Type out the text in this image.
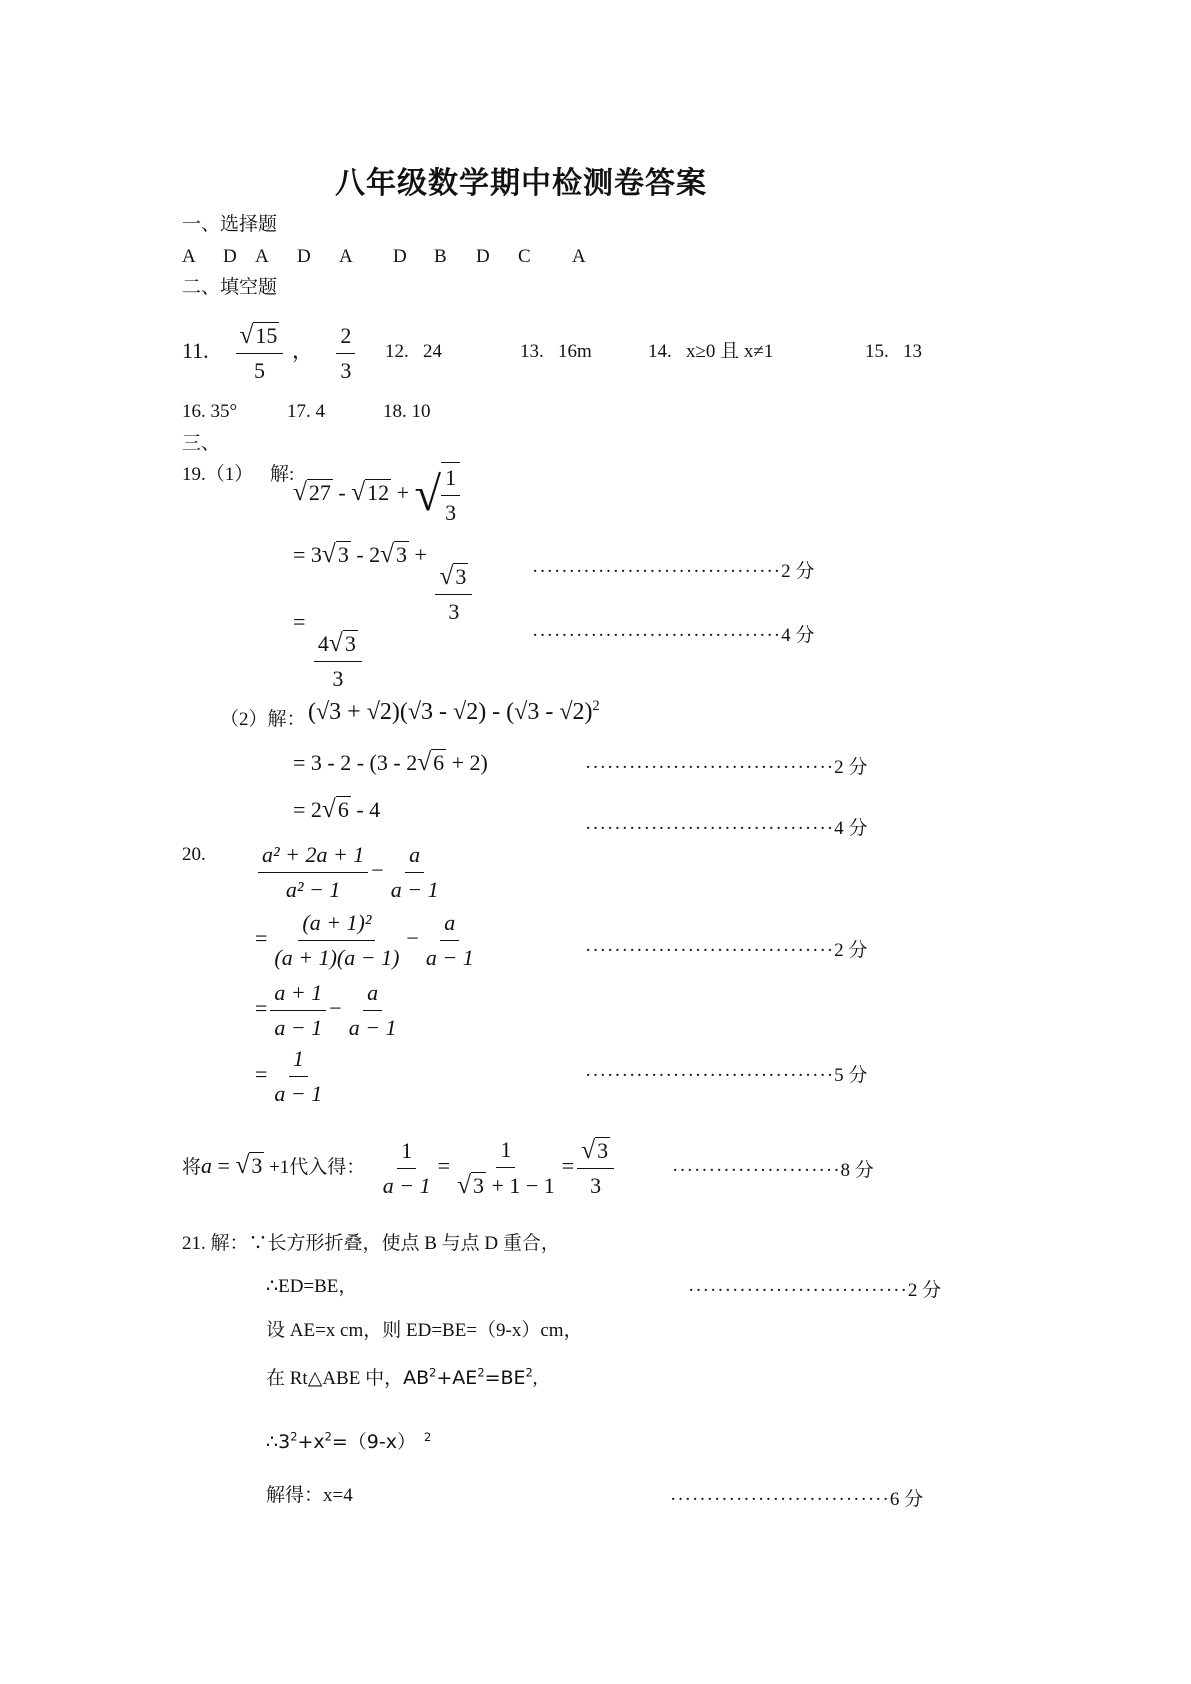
八年级数学期中检测卷答案
一、选择题
A D A D A D B D C A
二、填空题
11. $\frac{√15}{5}$ ， $\frac{2}{3} 12$. 24	13. 16m	14. x≥0 且 x≠1	15. 13
16. 35°	17. 4	18. 10
三、
19.（1） 解:
√27 - √12 + √ $\frac{1}{3}$
= 3√3 - 2√3 +
$\frac{√3}{3}$	··································2 分
=
$\frac{4√3}{3}$	··································4 分
（2）解： (√3 + √2)(√3 - √2) - (√3 - √2)$^2$
= 3 - 2 - (3 - 2√6 + 2)	··································2 分
= 2√6 - 4
··································4 分
20. $\frac{\text{a² + 2a + 1}}{\text{a² − 1}} - \frac{a}{a - 1}$
= $\frac{\text{(a + 1)²}}{(a + 1)(a - 1)} - \frac{a}{a - 1}$	··································2 分
= $\frac{a + 1}{a - 1} - \frac{a}{a - 1}$
= $\frac{1}{a - 1}$	··································5 分
将a = √3 +1代入得： $\frac{1}{a - 1} = \frac{1}{√3 + 1 - 1} = \frac{√3}{3}$	·······················8 分
21. 解：∵长方形折叠，使点 B 与点 D 重合，
∴ED=BE，	······························2 分
设 AE=x cm，则 ED=BE=（9-x）cm，
在 Rt△ABE 中，$AB^2+AE^2=BE^2$,
$\therefore 3^2+x^2=(9-x)$ $^2$
解得：x=4	······························6 分
